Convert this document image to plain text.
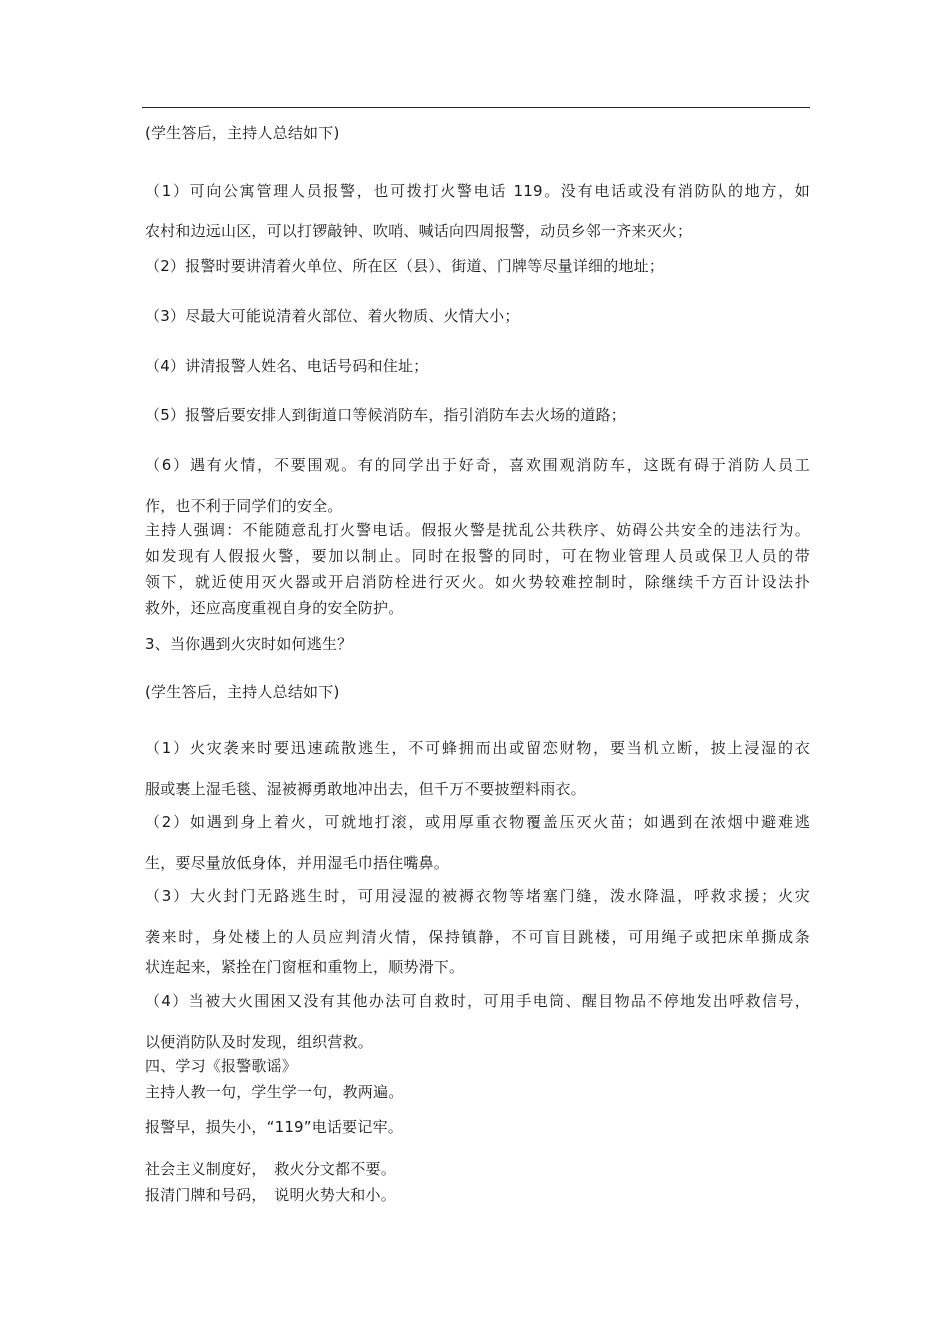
(学生答后，主持人总结如下)
（1）可向公寓管理人员报警，也可拨打火警电话 119。没有电话或没有消防队的地方，如
农村和边远山区，可以打锣敲钟、吹哨、喊话向四周报警，动员乡邻一齐来灭火；
（2）报警时要讲清着火单位、所在区（县）、街道、门牌等尽量详细的地址；
（3）尽最大可能说清着火部位、着火物质、火情大小；
（4）讲清报警人姓名、电话号码和住址；
（5）报警后要安排人到街道口等候消防车，指引消防车去火场的道路；
（6）遇有火情，不要围观。有的同学出于好奇，喜欢围观消防车，这既有碍于消防人员工
作，也不利于同学们的安全。
主持人强调：不能随意乱打火警电话。假报火警是扰乱公共秩序、妨碍公共安全的违法行为。
如发现有人假报火警，要加以制止。同时在报警的同时，可在物业管理人员或保卫人员的带
领下，就近使用灭火器或开启消防栓进行灭火。如火势较难控制时，除继续千方百计设法扑
救外，还应高度重视自身的安全防护。
3、当你遇到火灾时如何逃生？
(学生答后，主持人总结如下)
（1）火灾袭来时要迅速疏散逃生，不可蜂拥而出或留恋财物，要当机立断，披上浸湿的衣
服或裹上湿毛毯、湿被褥勇敢地冲出去，但千万不要披塑料雨衣。
（2）如遇到身上着火，可就地打滚，或用厚重衣物覆盖压灭火苗；如遇到在浓烟中避难逃
生，要尽量放低身体，并用湿毛巾捂住嘴鼻。
（3）大火封门无路逃生时，可用浸湿的被褥衣物等堵塞门缝，泼水降温，呼救求援；火灾
袭来时，身处楼上的人员应判清火情，保持镇静，不可盲目跳楼，可用绳子或把床单撕成条
状连起来，紧拴在门窗框和重物上，顺势滑下。
（4）当被大火围困又没有其他办法可自救时，可用手电筒、醒目物品不停地发出呼救信号，
以便消防队及时发现，组织营救。
四、学习《报警歌谣》
主持人教一句，学生学一句，教两遍。
报警早，损失小，“119”电话要记牢。
社会主义制度好，　救火分文都不要。
报清门牌和号码，　说明火势大和小。
